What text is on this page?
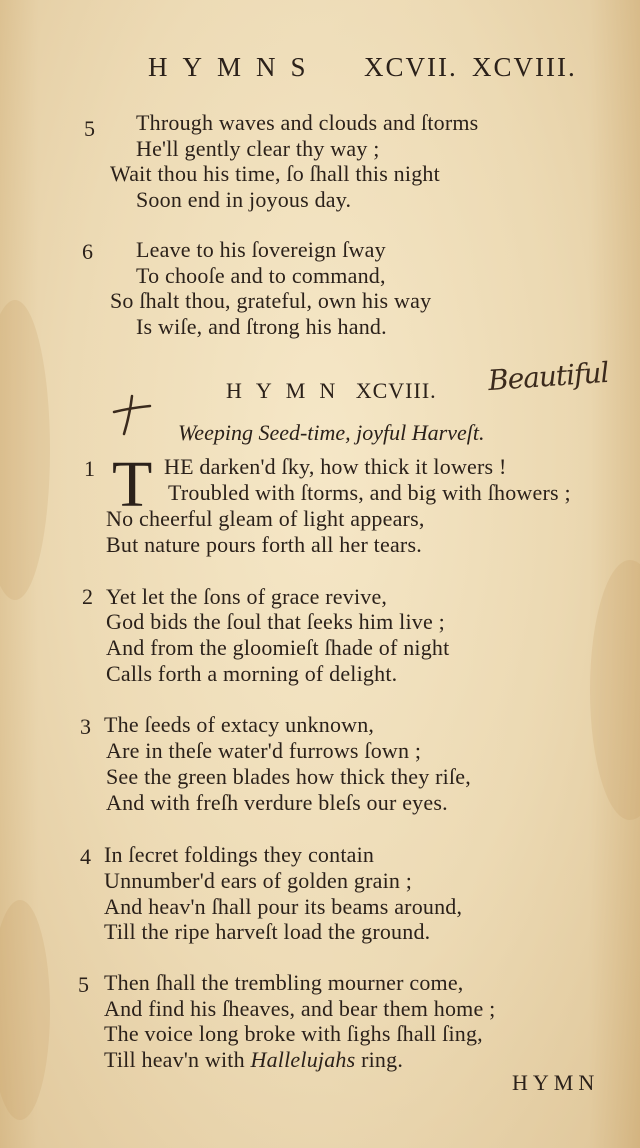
HYMNS XCVII. XCVIII.
5 Through waves and clouds and ſtorms
He'll gently clear thy way ;
Wait thou his time, ſo ſhall this night
Soon end in joyous day.
6 Leave to his ſovereign ſway
To chooſe and to command,
So ſhalt thou, grateful, own his way
Is wiſe, and ſtrong his hand.
Beautiful
HYMN XCVIII.
Weeping Seed-time, joyful Harveſt.
1 T HE darken'd ſky, how thick it lowers !
Troubled with ſtorms, and big with ſhowers ;
No cheerful gleam of light appears,
But nature pours forth all her tears.
2 Yet let the ſons of grace revive,
God bids the ſoul that ſeeks him live ;
And from the gloomieſt ſhade of night
Calls forth a morning of delight.
3 The ſeeds of extacy unknown,
Are in theſe water'd furrows ſown ;
See the green blades how thick they riſe,
And with freſh verdure bleſs our eyes.
4 In ſecret foldings they contain
Unnumber'd ears of golden grain ;
And heav'n ſhall pour its beams around,
Till the ripe harveſt load the ground.
5 Then ſhall the trembling mourner come,
And find his ſheaves, and bear them home ;
The voice long broke with ſighs ſhall ſing,
Till heav'n with Hallelujahs ring.
HYMN
